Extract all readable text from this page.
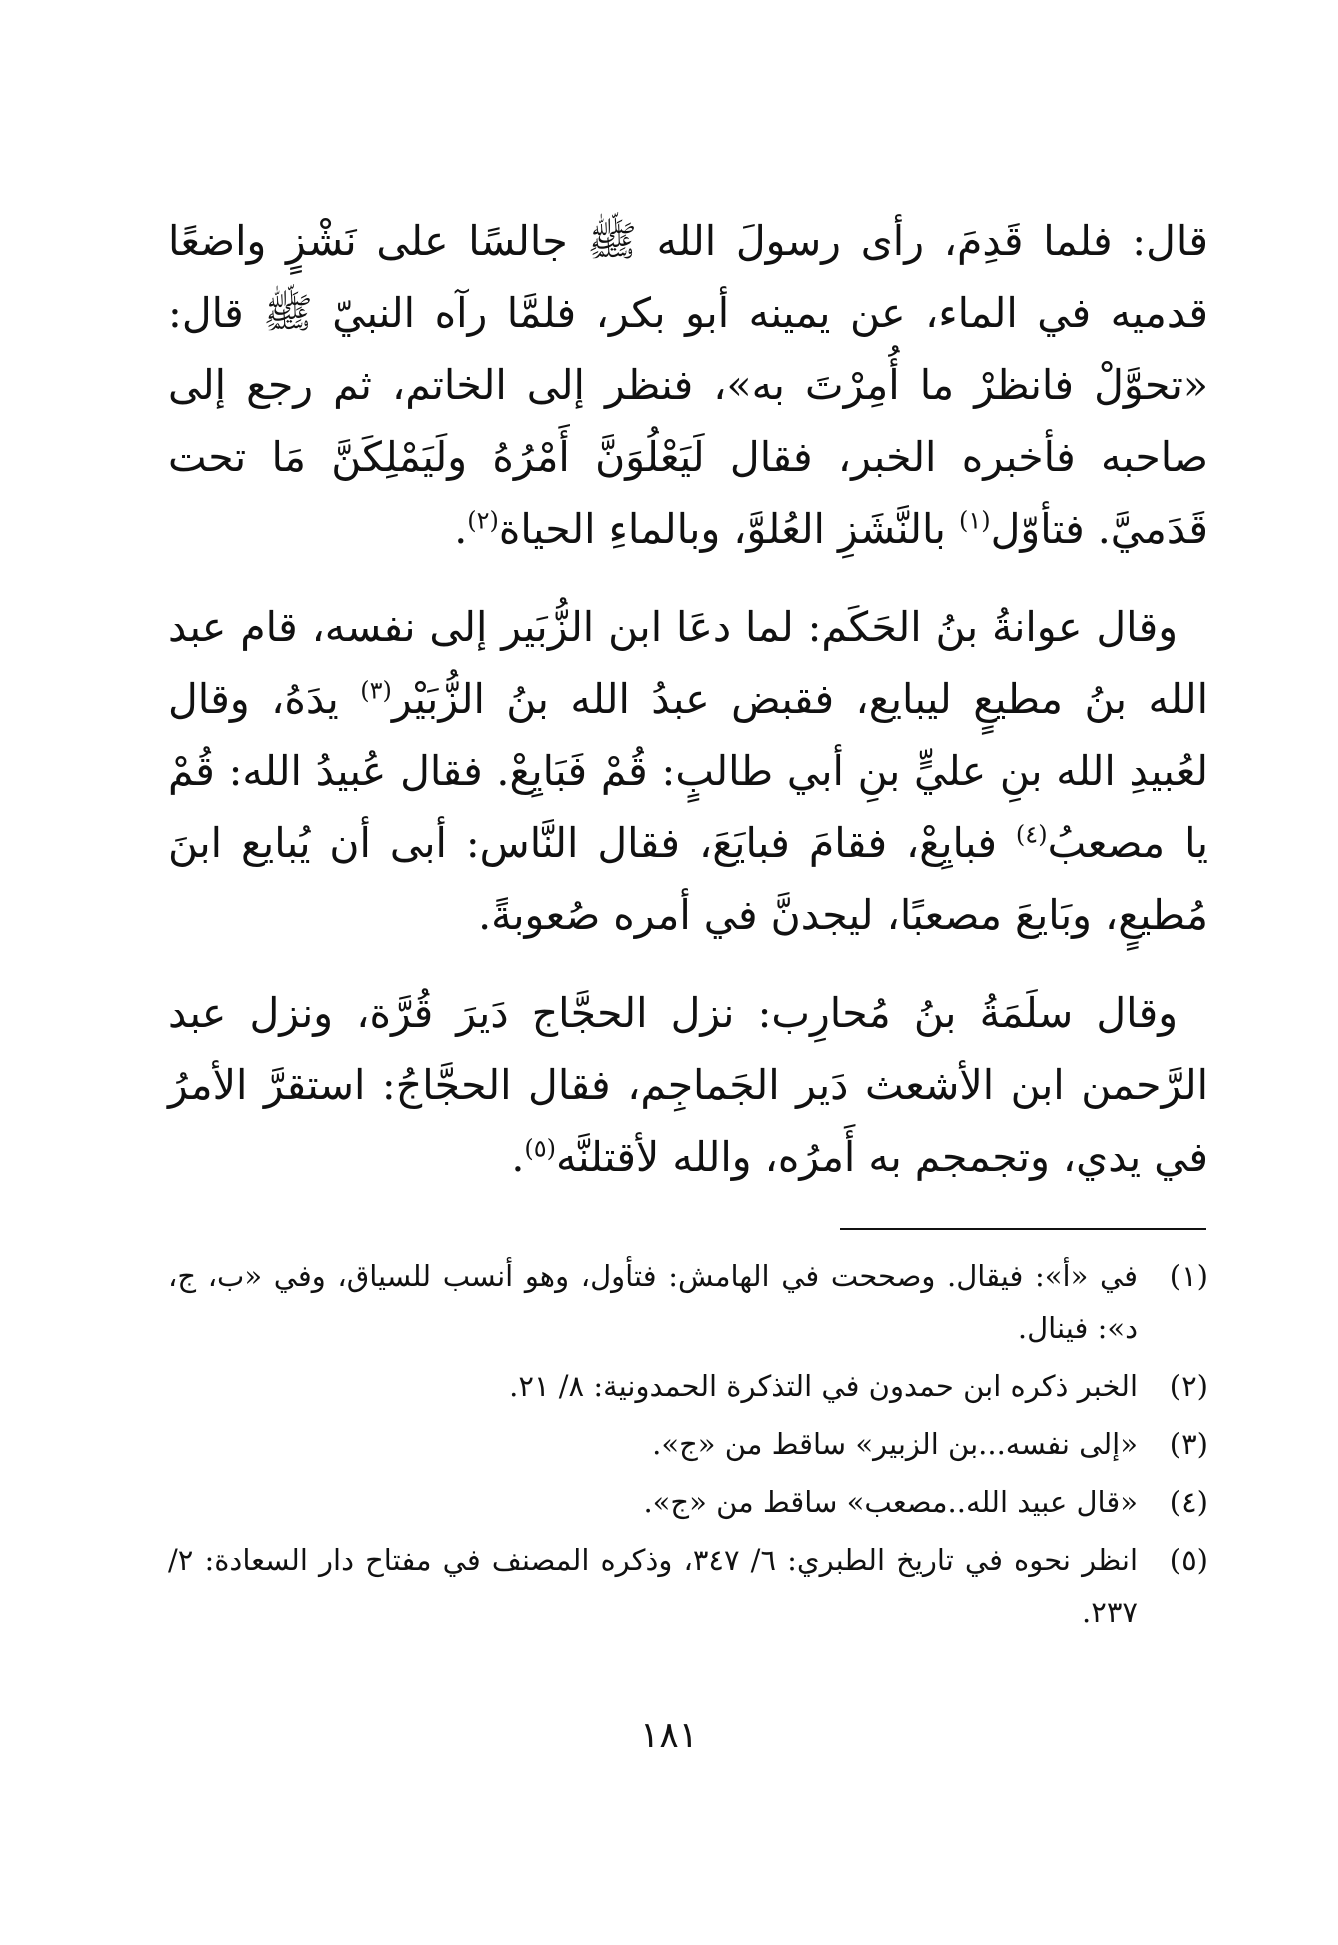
قال: فلما قَدِمَ، رأى رسولَ الله ﷺ جالسًا على نَشْزٍ واضعًا قدميه في الماء، عن يمينه أبو بكر، فلمَّا رآه النبيّ ﷺ قال: «تحوَّلْ فانظرْ ما أُمِرْتَ به»، فنظر إلى الخاتم، ثم رجع إلى صاحبه فأخبره الخبر، فقال لَيَعْلُوَنَّ أَمْرُهُ ولَيَمْلِكَنَّ مَا تحت قَدَميَّ. فتأوّل$^{(١)}$ بالنَّشَزِ العُلوَّ، وبالماءِ الحياة$^{(٢)}$.

وقال عوانةُ بنُ الحَكَم: لما دعَا ابن الزُّبَير إلى نفسه، قام عبد الله بنُ مطيعٍ ليبايع، فقبض عبدُ الله بنُ الزُّبَيْر$^{(٣)}$ يدَهُ، وقال لعُبيدِ الله بنِ عليٍّ بنِ أبي طالبٍ: قُمْ فَبَايِعْ. فقال عُبيدُ الله: قُمْ يا مصعبُ$^{(٤)}$ فبايِعْ، فقامَ فبايَعَ، فقال النَّاس: أبى أن يُبايع ابنَ مُطيعٍ، وبَايعَ مصعبًا، ليجدنَّ في أمره صُعوبةً.

وقال سلَمَةُ بنُ مُحارِب: نزل الحجَّاج دَيرَ قُرَّة، ونزل عبد الرَّحمن ابن الأشعث دَير الجَماجِم، فقال الحجَّاجُ: استقرَّ الأمرُ في يدي، وتجمجم به أَمرُه، والله لأقتلنَّه$^{(٥)}$.

(١)
في «أ»: فيقال. وصححت في الهامش: فتأول، وهو أنسب للسياق، وفي «ب، ج، د»: فينال.
(٢)
الخبر ذكره ابن حمدون في التذكرة الحمدونية: ٨/ ٢١.
(٣)
«إلى نفسه...بن الزبير» ساقط من «ج».
(٤)
«قال عبيد الله..مصعب» ساقط من «ج».
(٥)
انظر نحوه في تاريخ الطبري: ٦/ ٣٤٧، وذكره المصنف في مفتاح دار السعادة: ٢/ ٢٣٧.
١٨١
